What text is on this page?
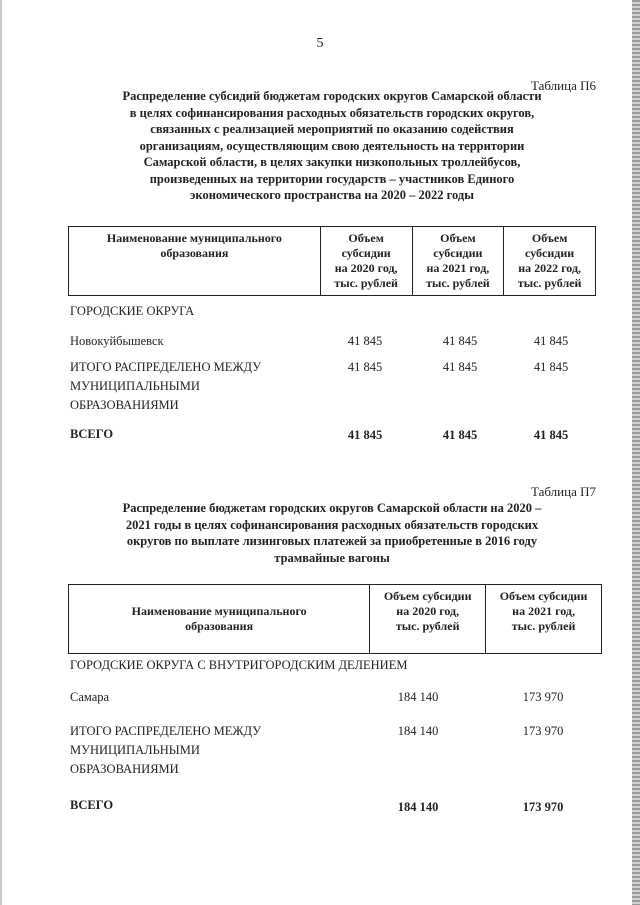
5
Таблица П6
Распределение субсидий бюджетам городских округов Самарской области
в целях софинансирования расходных обязательств городских округов,
связанных с реализацией мероприятий по оказанию содействия
организациям, осуществляющим свою деятельность на территории
Самарской области, в целях закупки низкопольных троллейбусов,
произведенных на территории государств – участников Единого
экономического пространства на 2020 – 2022 годы
Наименование муниципального
образования

Объем
субсидии
на 2020 год,
тыс. рублей

Объем
субсидии
на 2021 год,
тыс. рублей

Объем
субсидии
на 2022 год,
тыс. рублей
ГОРОДСКИЕ ОКРУГА
Новокуйбышевск	41 845	41 845	41 845
ИТОГО РАСПРЕДЕЛЕНО МЕЖДУ
МУНИЦИПАЛЬНЫМИ
ОБРАЗОВАНИЯМИ
41 845	41 845	41 845
ВСЕГО	41 845	41 845	41 845
Таблица П7
Распределение бюджетам городских округов Самарской области на 2020 –
2021 годы в целях софинансирования расходных обязательств городских
округов по выплате лизинговых платежей за приобретенные в 2016 году
трамвайные вагоны
Наименование муниципального
образования

Объем субсидии
на 2020 год,
тыс. рублей

Объем субсидии
на 2021 год,
тыс. рублей
ГОРОДСКИЕ ОКРУГА С ВНУТРИГОРОДСКИМ ДЕЛЕНИЕМ
Самара	184 140	173 970
ИТОГО РАСПРЕДЕЛЕНО МЕЖДУ
МУНИЦИПАЛЬНЫМИ
ОБРАЗОВАНИЯМИ
184 140	173 970
ВСЕГО	184 140	173 970
